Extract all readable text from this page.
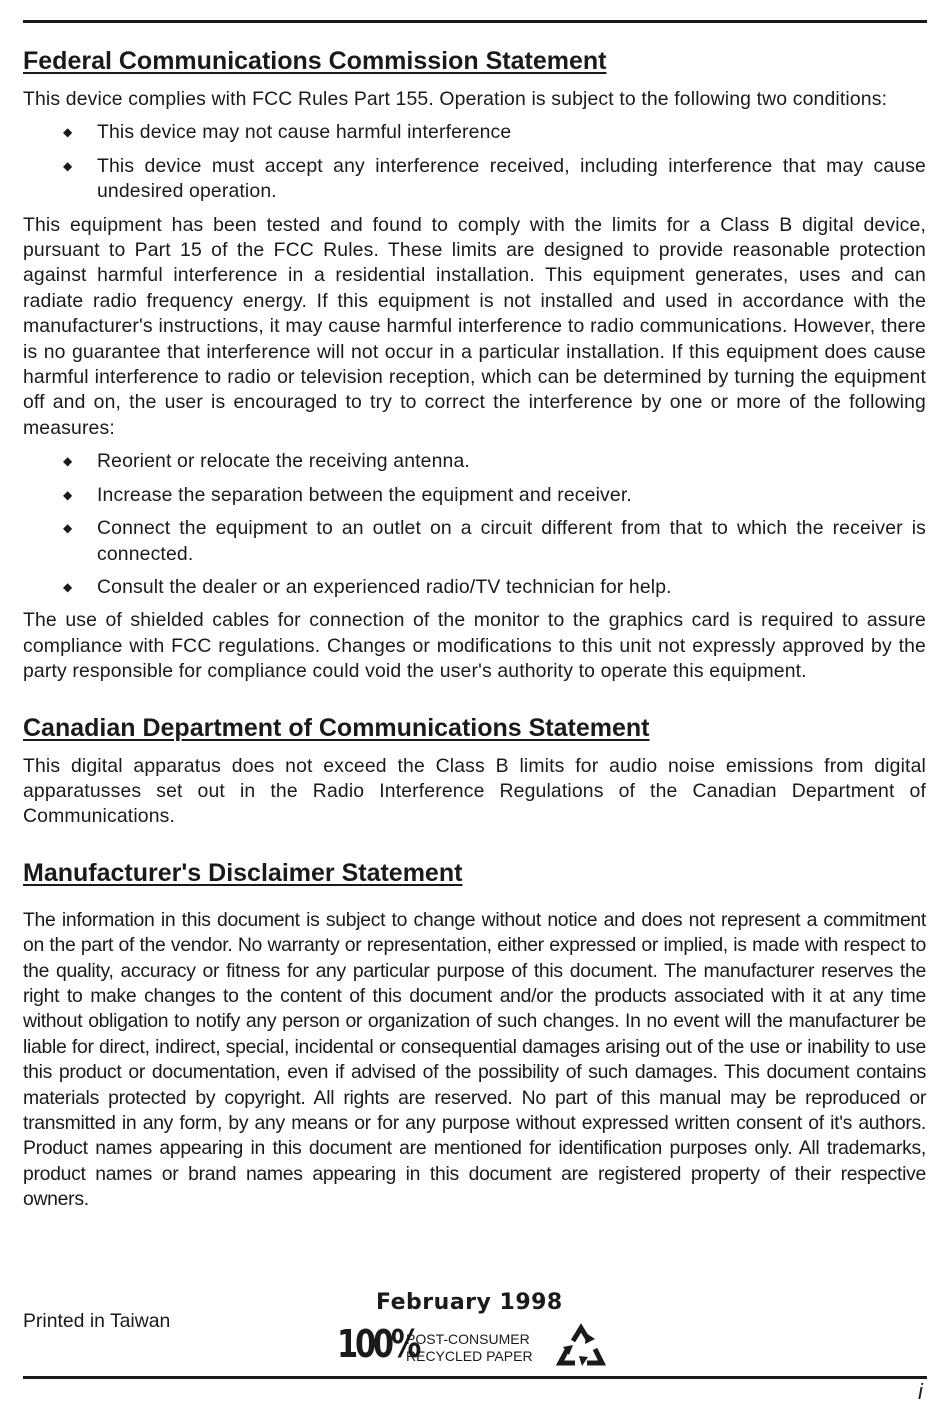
Federal Communications Commission Statement

This device complies with FCC Rules Part 155. Operation is subject to the following two conditions:

◆ This device may not cause harmful interference
◆ This device must accept any interference received, including interference that may cause undesired operation.

This equipment has been tested and found to comply with the limits for a Class B digital device, pursuant to Part 15 of the FCC Rules. These limits are designed to provide reasonable protection against harmful interference in a residential installation. This equipment generates, uses and can radiate radio frequency energy. If this equipment is not installed and used in accordance with the manufacturer's instructions, it may cause harmful interference to radio communications. However, there is no guarantee that interference will not occur in a particular installation. If this equipment does cause harmful interference to radio or television reception, which can be determined by turning the equipment off and on, the user is encouraged to try to correct the interference by one or more of the following measures:

◆ Reorient or relocate the receiving antenna.
◆ Increase the separation between the equipment and receiver.
◆ Connect the equipment to an outlet on a circuit different from that to which the receiver is connected.
◆ Consult the dealer or an experienced radio/TV technician for help.

The use of shielded cables for connection of the monitor to the graphics card is required to assure compliance with FCC regulations. Changes or modifications to this unit not expressly approved by the party responsible for compliance could void the user's authority to operate this equipment.

Canadian Department of Communications Statement

This digital apparatus does not exceed the Class B limits for audio noise emissions from digital apparatusses set out in the Radio Interference Regulations of the Canadian Department of Communications.

Manufacturer's Disclaimer Statement

The information in this document is subject to change without notice and does not represent a commitment on the part of the vendor. No warranty or representation, either expressed or implied, is made with respect to the quality, accuracy or fitness for any particular purpose of this document. The manufacturer reserves the right to make changes to the content of this document and/or the products associated with it at any time without obligation to notify any person or organization of such changes. In no event will the manufacturer be liable for direct, indirect, special, incidental or consequential damages arising out of the use or inability to use this product or documentation, even if advised of the possibility of such damages. This document contains materials protected by copyright. All rights are reserved. No part of this manual may be reproduced or transmitted in any form, by any means or for any purpose without expressed written consent of it's authors. Product names appearing in this document are mentioned for identification purposes only. All trademarks, product names or brand names appearing in this document are registered property of their respective owners.

Printed in Taiwan
February 1998
100%
POST-CONSUMER
RECYCLED PAPER
i
